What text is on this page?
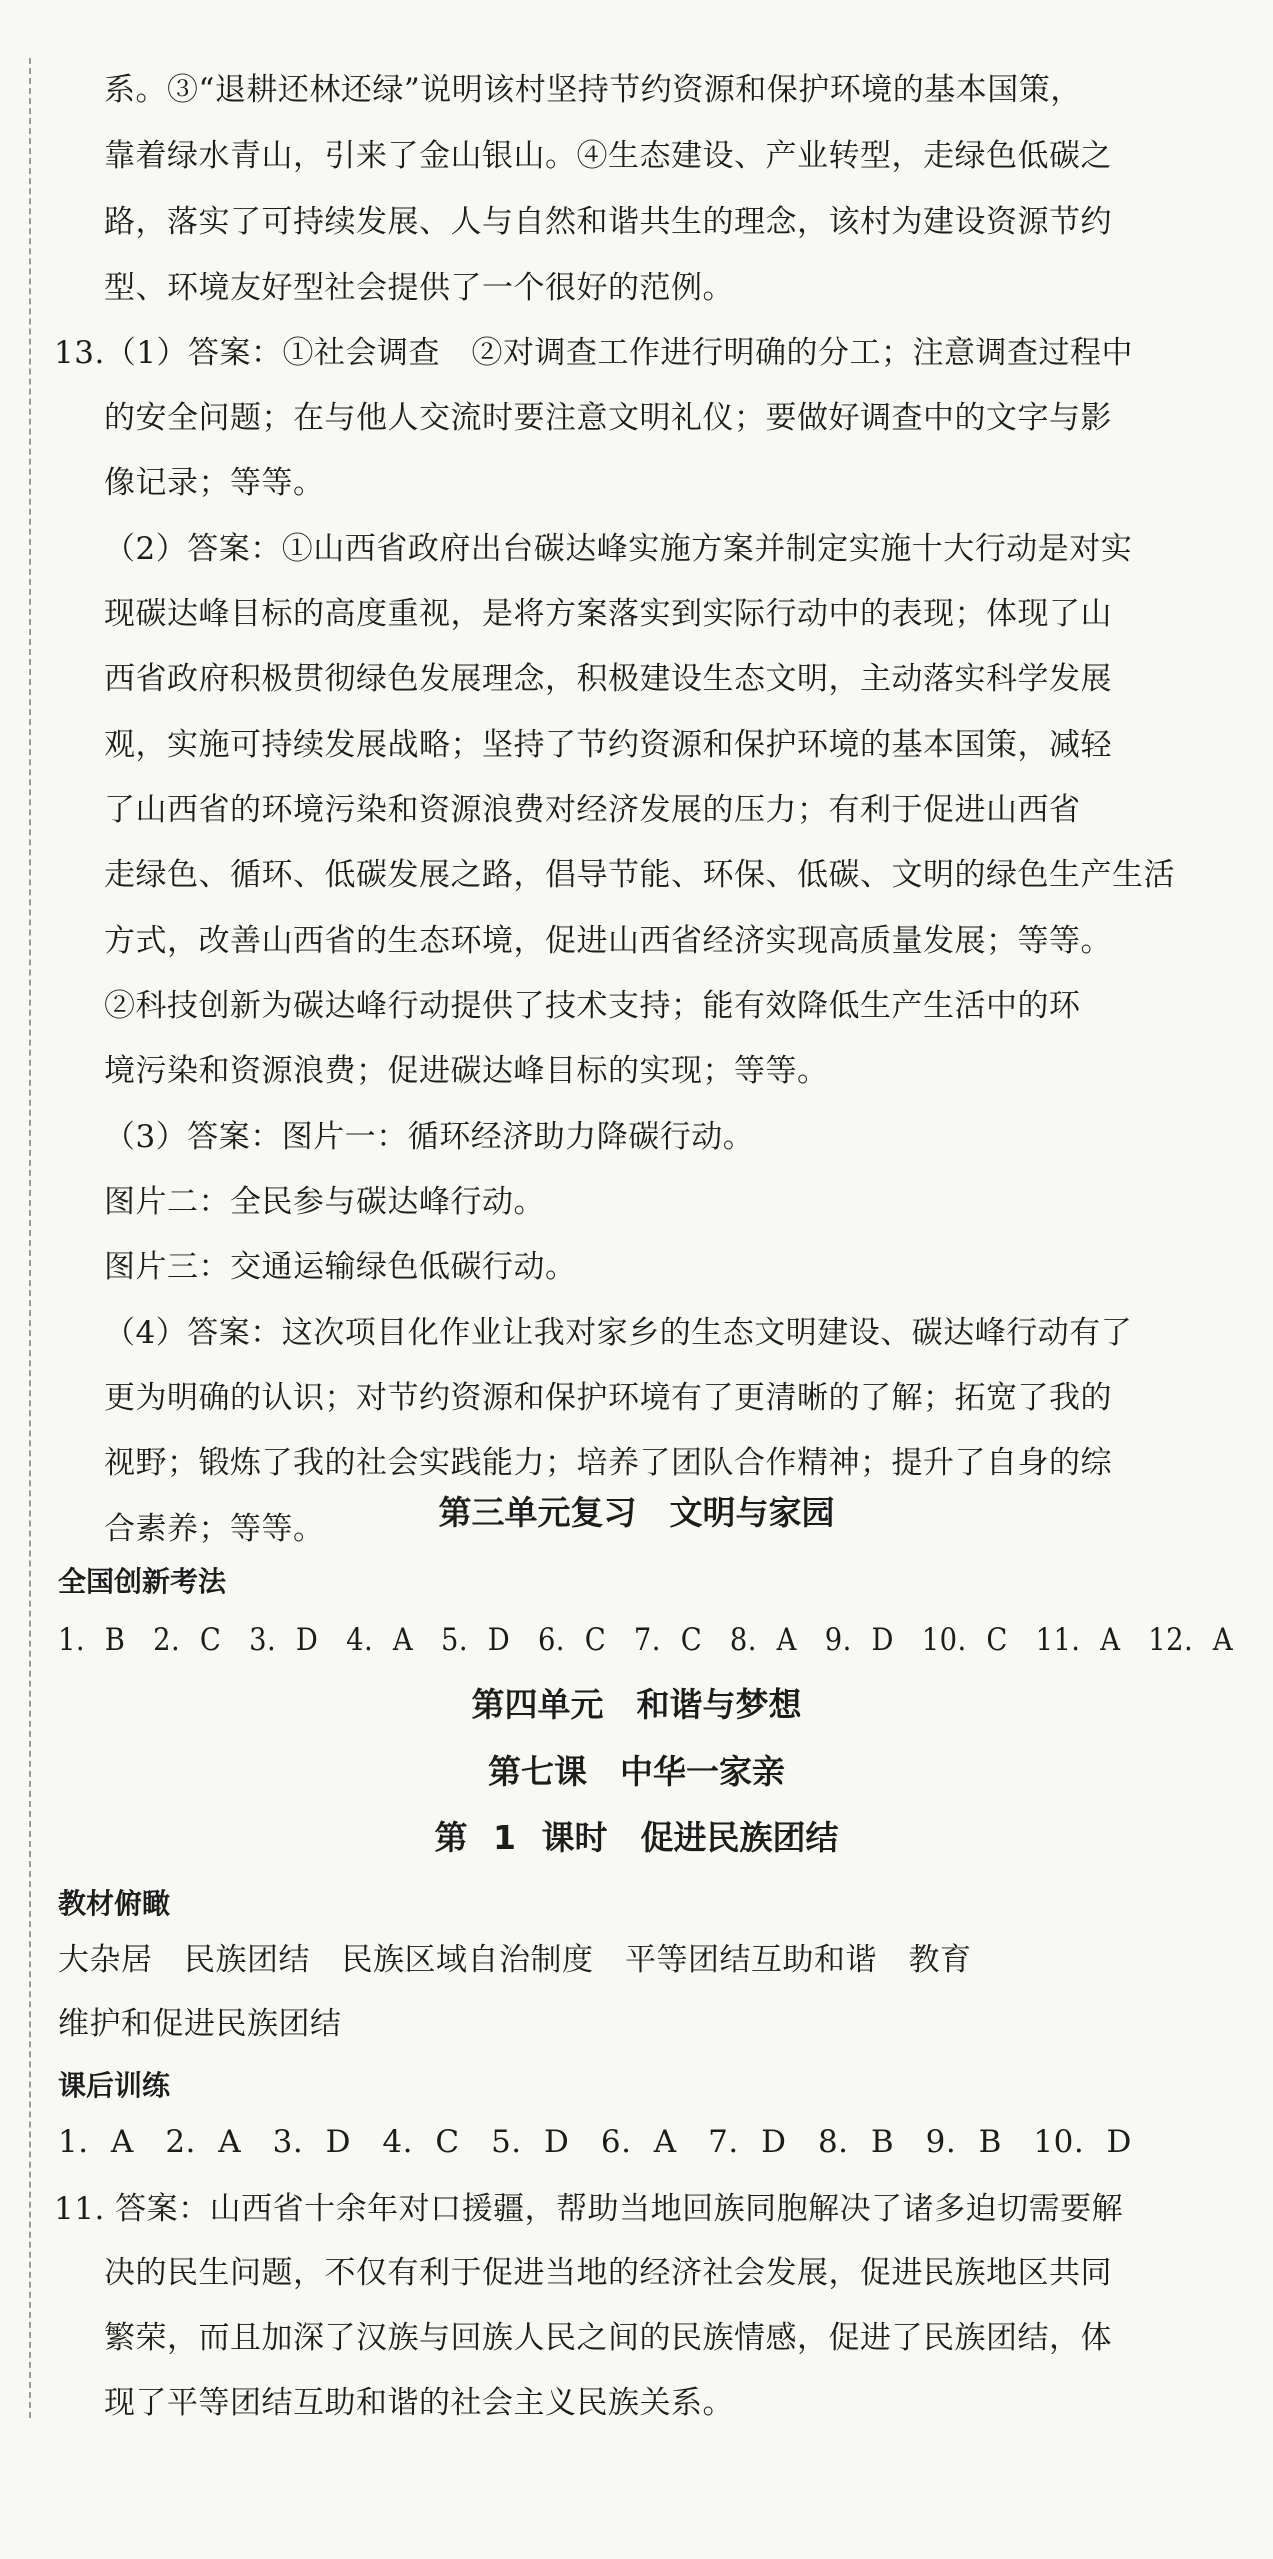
系。③“退耕还林还绿”说明该村坚持节约资源和保护环境的基本国策，
靠着绿水青山，引来了金山银山。④生态建设、产业转型，走绿色低碳之
路，落实了可持续发展、人与自然和谐共生的理念，该村为建设资源节约
型、环境友好型社会提供了一个很好的范例。
13.（1）答案：①社会调查　②对调查工作进行明确的分工；注意调查过程中
的安全问题；在与他人交流时要注意文明礼仪；要做好调查中的文字与影
像记录；等等。
（2）答案：①山西省政府出台碳达峰实施方案并制定实施十大行动是对实
现碳达峰目标的高度重视，是将方案落实到实际行动中的表现；体现了山
西省政府积极贯彻绿色发展理念，积极建设生态文明，主动落实科学发展
观，实施可持续发展战略；坚持了节约资源和保护环境的基本国策，减轻
了山西省的环境污染和资源浪费对经济发展的压力；有利于促进山西省
走绿色、循环、低碳发展之路，倡导节能、环保、低碳、文明的绿色生产生活
方式，改善山西省的生态环境，促进山西省经济实现高质量发展；等等。
②科技创新为碳达峰行动提供了技术支持；能有效降低生产生活中的环
境污染和资源浪费；促进碳达峰目标的实现；等等。
（3）答案：图片一：循环经济助力降碳行动。
图片二：全民参与碳达峰行动。
图片三：交通运输绿色低碳行动。
（4）答案：这次项目化作业让我对家乡的生态文明建设、碳达峰行动有了
更为明确的认识；对节约资源和保护环境有了更清晰的了解；拓宽了我的
视野；锻炼了我的社会实践能力；培养了团队合作精神；提升了自身的综
合素养；等等。	第三单元复习　文明与家园
全国创新考法
1. B　2. C　3. D　4. A　5. D　6. C　7. C　8. A　9. D　10. C　11. A　12. A
第四单元　和谐与梦想
第七课　中华一家亲
第 1 课时　促进民族团结
教材俯瞰
大杂居　民族团结　民族区域自治制度　平等团结互助和谐　教育
维护和促进民族团结
课后训练
1. A　2. A　3. D　4. C　5. D　6. A　7. D　8. B　9. B　10. D
11. 答案：山西省十余年对口援疆，帮助当地回族同胞解决了诸多迫切需要解
决的民生问题，不仅有利于促进当地的经济社会发展，促进民族地区共同
繁荣，而且加深了汉族与回族人民之间的民族情感，促进了民族团结，体
现了平等团结互助和谐的社会主义民族关系。
